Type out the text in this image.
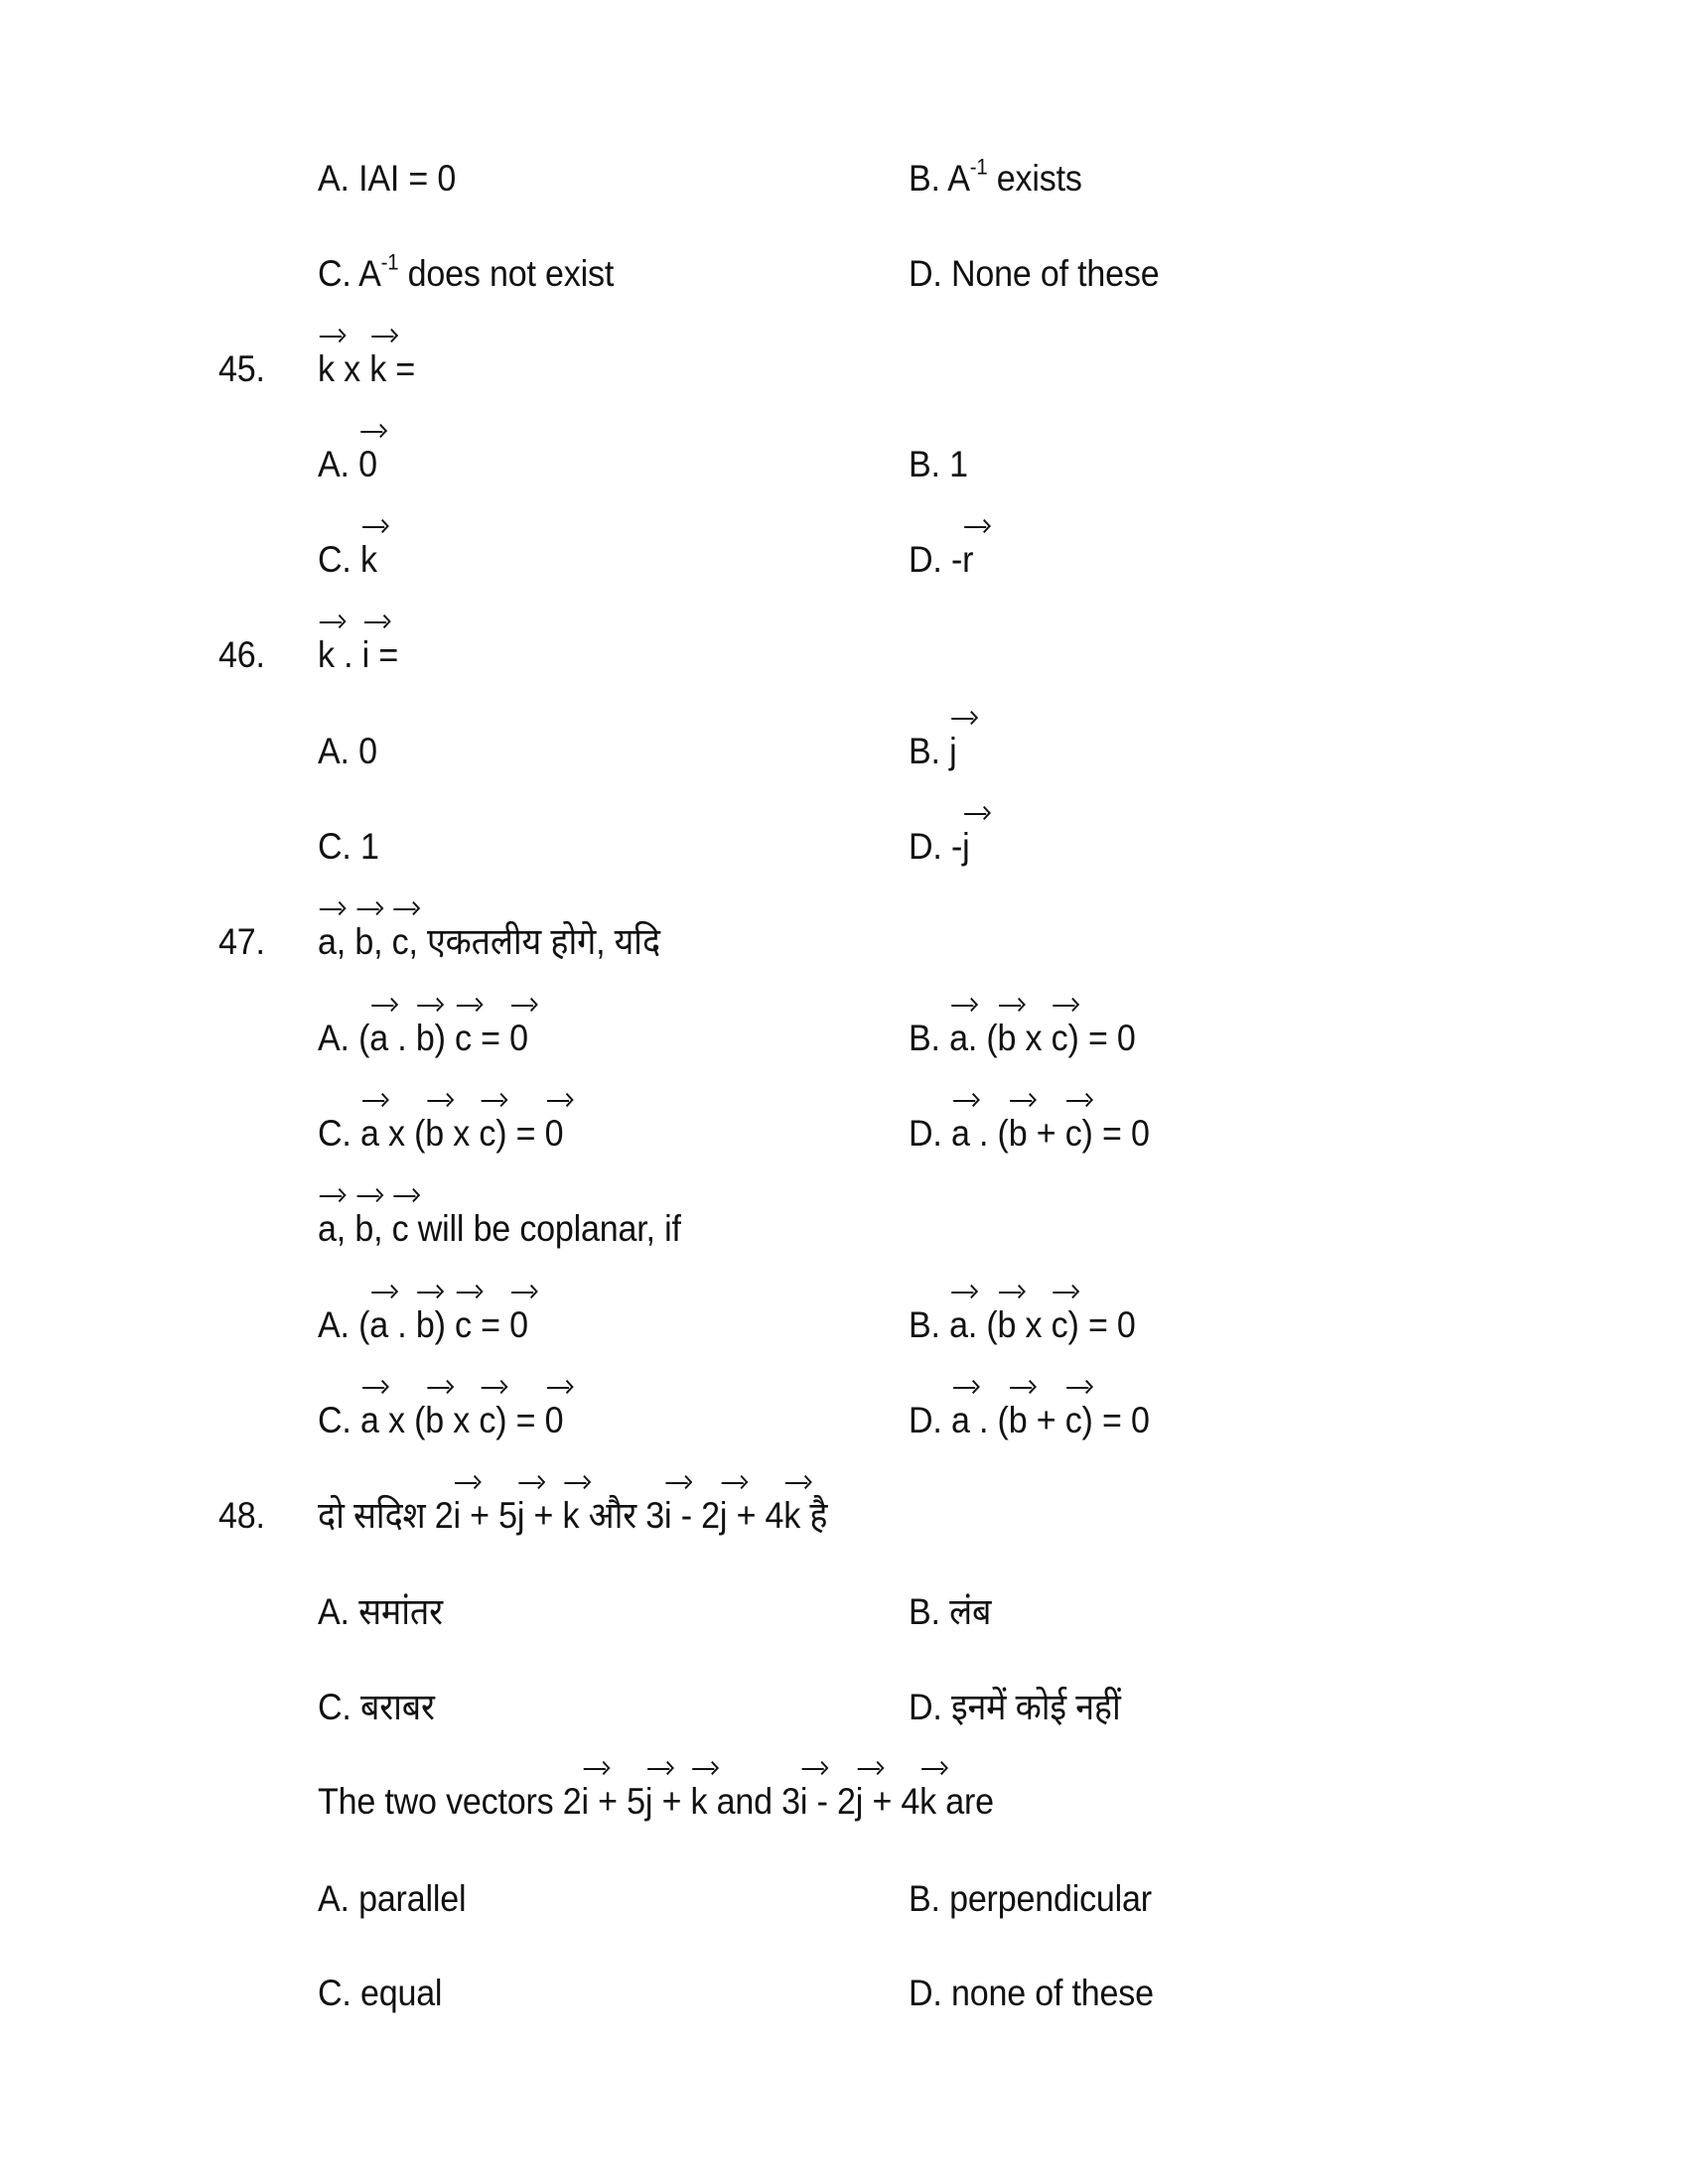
A. IAI = 0	B. $A^{-1}$ exists
C. $A^{-1}$ does not exist	D. None of these
45. k x k =
A. 0	B. 1
C. k	D. -r
46. k . i =
A. 0	B. j
C. 1	D. -j
47. a, b, c, एकतलीय होगे, यदि
A. (a . b) c = 0	B. a. (b x c) = 0
C. a x (b x c) = 0	D. a . (b + c) = 0
a, b, c will be coplanar, if
A. (a . b) c = 0	B. a. (b x c) = 0
C. a x (b x c) = 0	D. a . (b + c) = 0
48. दो सदिश 2i + 5j + k और 3i - 2j + 4k है
A. समांतर	B. लंब
C. बराबर	D. इनमें कोई नहीं
The two vectors 2i + 5j + k and 3i - 2j + 4k are
A. parallel	B. perpendicular
C. equal	D. none of these
